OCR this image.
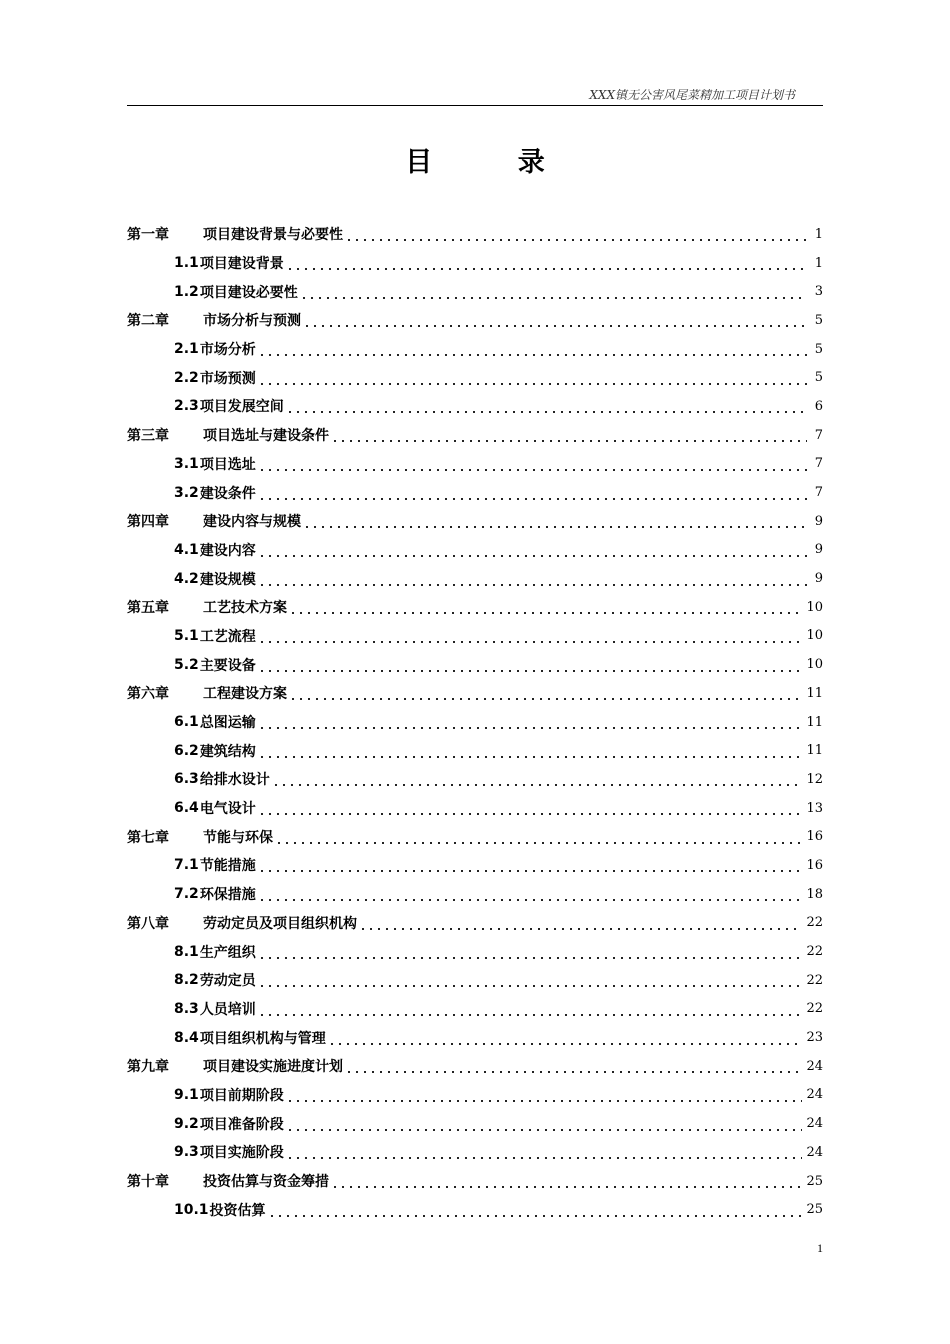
XXX镇无公害风尾菜精加工项目计划书
目 录
第一章	项目建设背景与必要性	1
1.1 项目建设背景	1
1.2 项目建设必要性	3
第二章	市场分析与预测	5
2.1 市场分析	5
2.2 市场预测	5
2.3 项目发展空间	6
第三章	项目选址与建设条件	7
3.1 项目选址	7
3.2 建设条件	7
第四章	建设内容与规模	9
4.1 建设内容	9
4.2 建设规模	9
第五章	工艺技术方案	10
5.1 工艺流程	10
5.2 主要设备	10
第六章	工程建设方案	11
6.1 总图运输	11
6.2 建筑结构	11
6.3 给排水设计	12
6.4 电气设计	13
第七章	节能与环保	16
7.1 节能措施	16
7.2 环保措施	18
第八章	劳动定员及项目组织机构	22
8.1 生产组织	22
8.2 劳动定员	22
8.3 人员培训	22
8.4 项目组织机构与管理	23
第九章	项目建设实施进度计划	24
9.1 项目前期阶段	24
9.2 项目准备阶段	24
9.3 项目实施阶段	24
第十章	投资估算与资金筹措	25
10.1 投资估算	25
1
